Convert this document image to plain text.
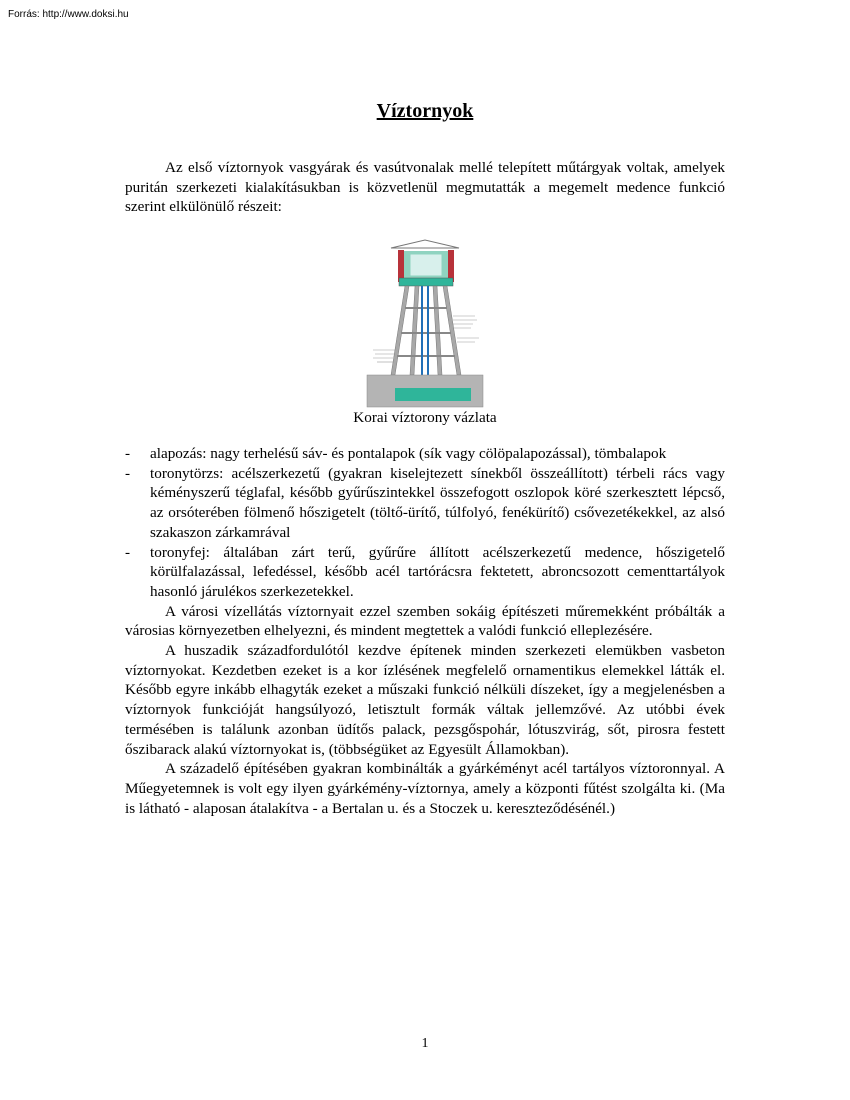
Forrás: http://www.doksi.hu
Víztornyok

Az első víztornyok vasgyárak és vasútvonalak mellé telepített műtárgyak voltak, amelyek puritán szerkezeti kialakításukban is közvetlenül megmutatták a megemelt medence funkció szerint elkülönülő részeit:

Korai víztorony vázlata
- alapozás: nagy terhelésű sáv- és pontalapok (sík vagy cölöpalapozással), tömbalapok
- toronytörzs: acélszerkezetű (gyakran kiselejtezett sínekből összeállított) térbeli rács vagy kéményszerű téglafal, később gyűrűszintekkel összefogott oszlopok köré szerkesztett lépcső, az orsóterében fölmenő hőszigetelt (töltő-ürítő, túlfolyó, fenékürítő) csővezetékekkel, az alsó szakaszon zárkamrával
- toronyfej: általában zárt terű, gyűrűre állított acélszerkezetű medence, hőszigetelő körülfalazással, lefedéssel, később acél tartórácsra fektetett, abroncsozott cementtartályok hasonló járulékos szerkezetekkel.

A városi vízellátás víztornyait ezzel szemben sokáig építészeti műremekként próbálták a városias környezetben elhelyezni, és mindent megtettek a valódi funkció elleplezésére.

A huszadik századfordulótól kezdve építenek minden szerkezeti elemükben vasbeton víztornyokat. Kezdetben ezeket is a kor ízlésének megfelelő ornamentikus elemekkel látták el. Később egyre inkább elhagyták ezeket a műszaki funkció nélküli díszeket, így a megjelenésben a víztornyok funkcióját hangsúlyozó, letisztult formák váltak jellemzővé. Az utóbbi évek termésében is találunk azonban üdítős palack, pezsgőspohár, lótuszvirág, sőt, pirosra festett őszibarack alakú víztornyokat is, (többségüket az Egyesült Államokban).

A századelő építésében gyakran kombinálták a gyárkéményt acél tartályos víztoronnyal. A Műegyetemnek is volt egy ilyen gyárkémény-víztornya, amely a központi fűtést szolgálta ki. (Ma is látható - alaposan átalakítva - a Bertalan u. és a Stoczek u. kereszteződésénél.)

1
